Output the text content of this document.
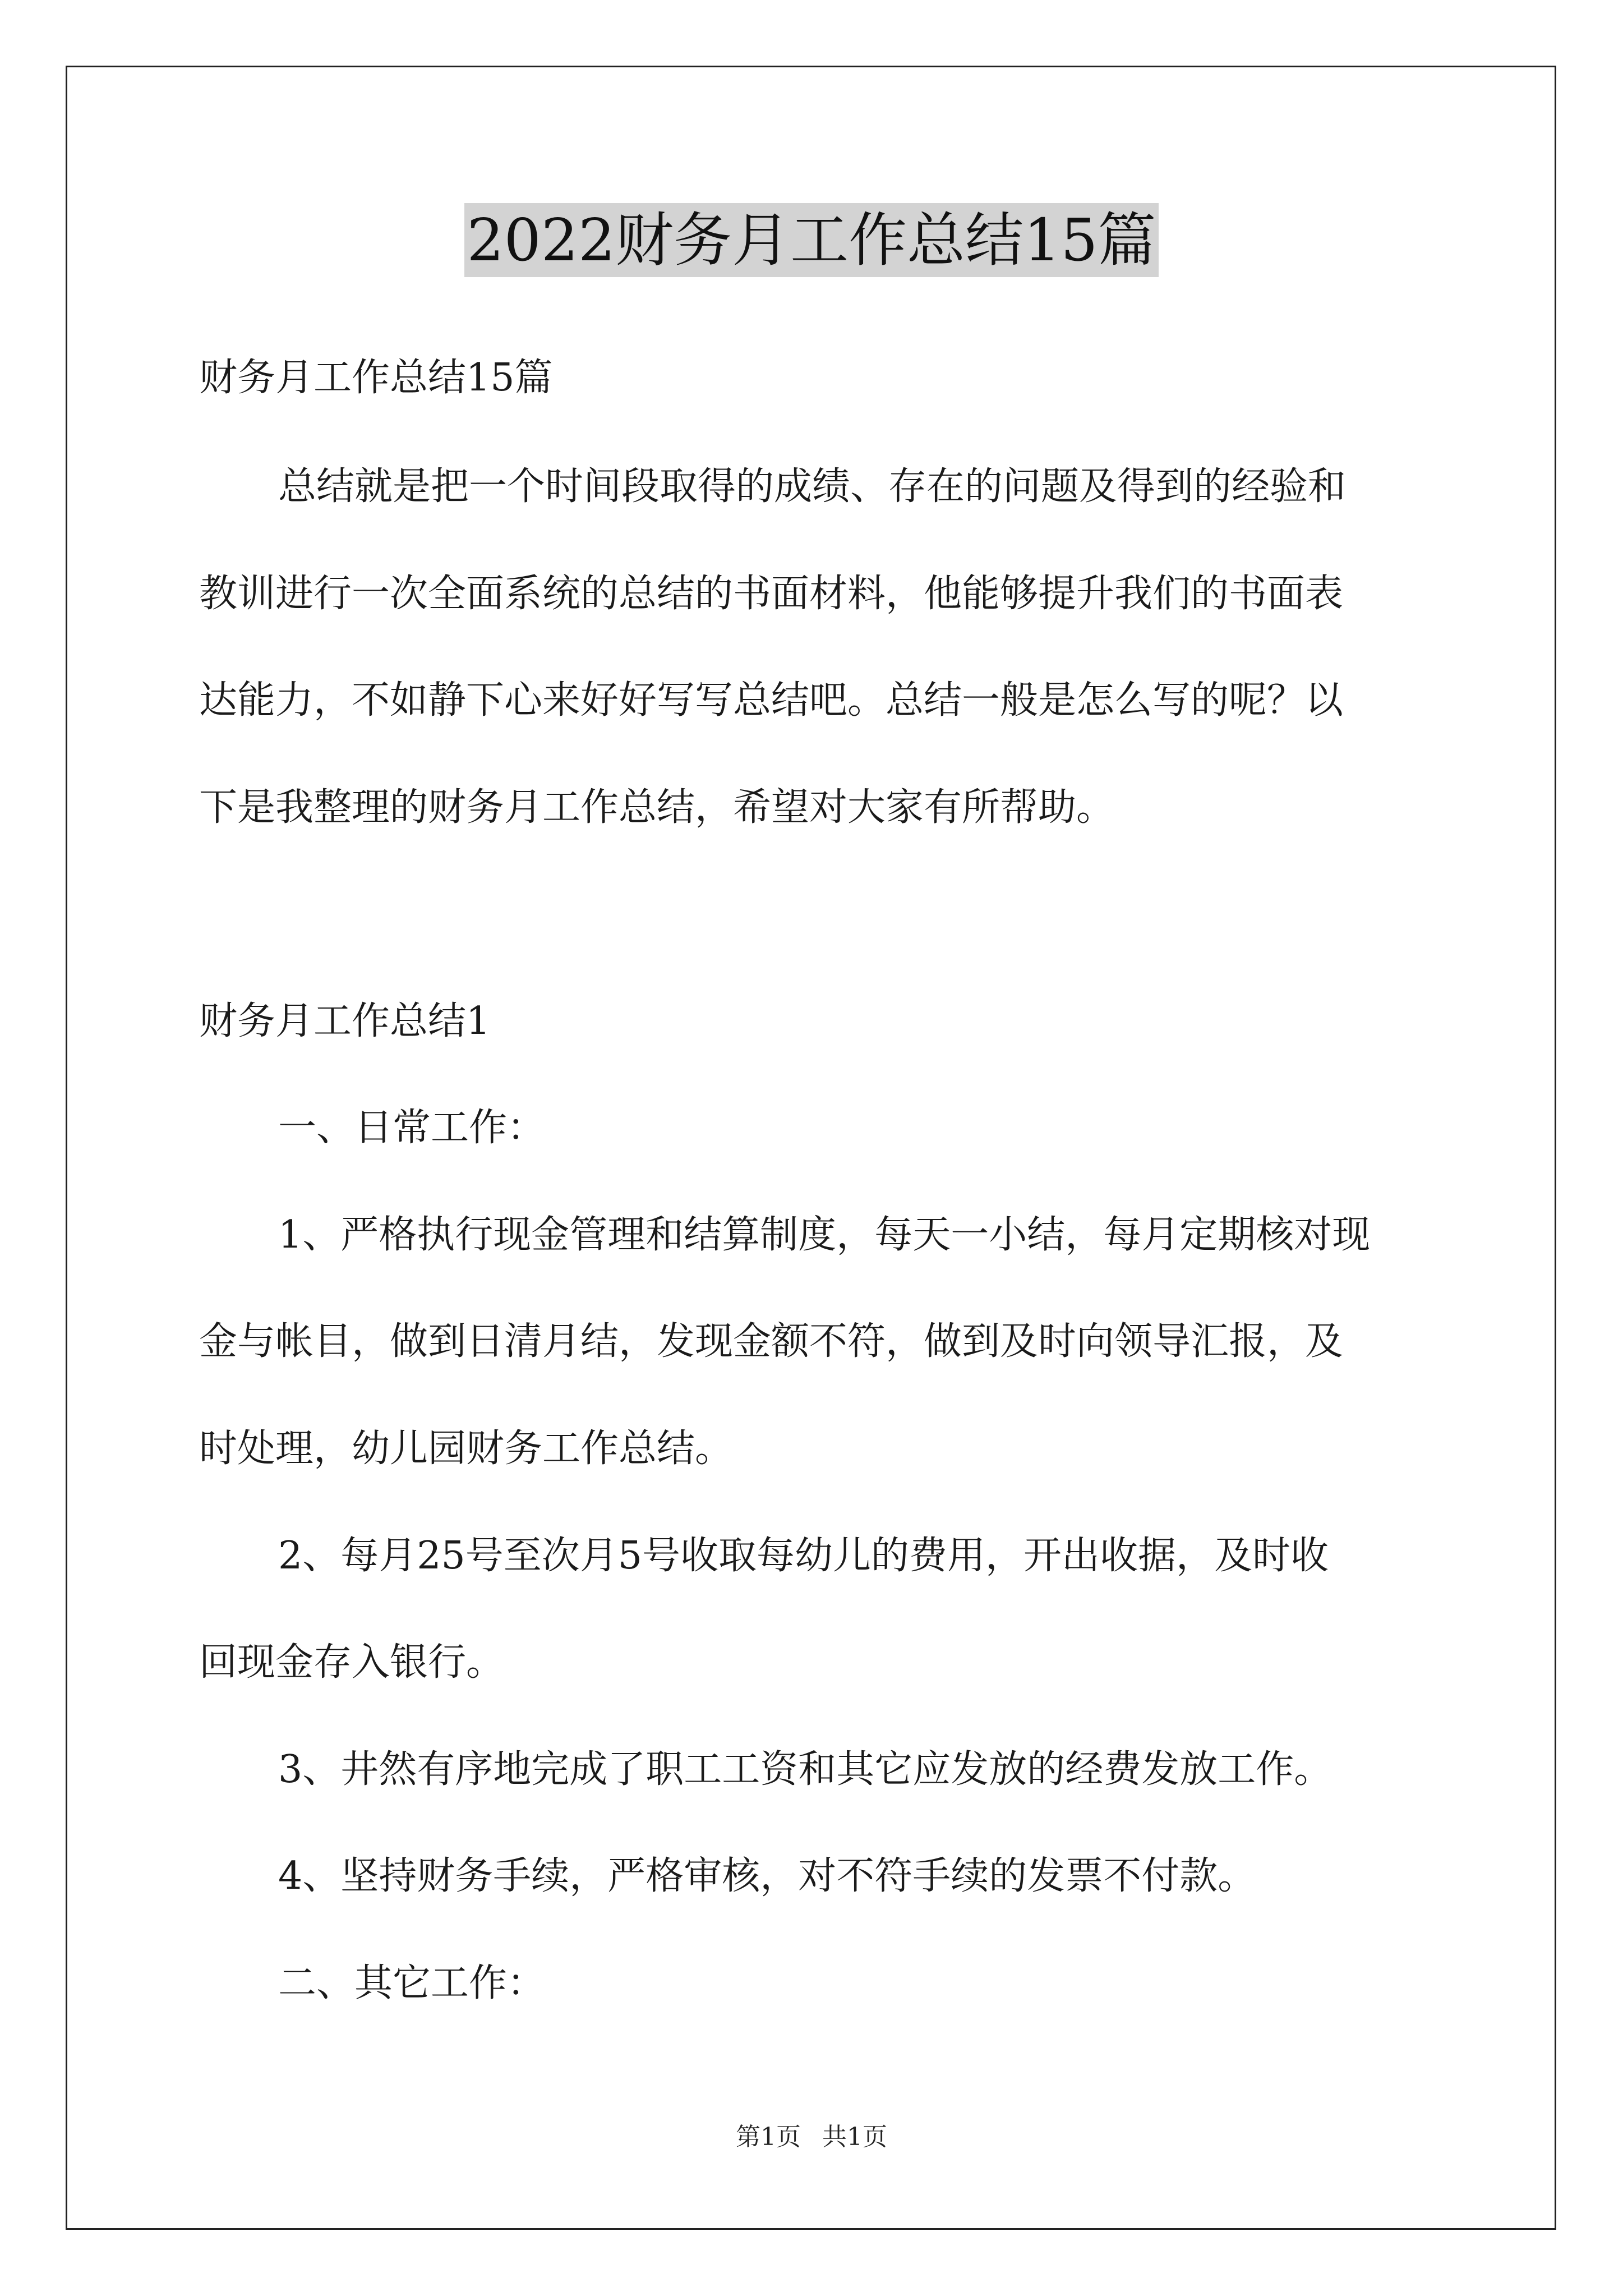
2022财务月工作总结15篇
财务月工作总结15篇
总结就是把一个时间段取得的成绩、存在的问题及得到的经验和
教训进行一次全面系统的总结的书面材料，他能够提升我们的书面表
达能力，不如静下心来好好写写总结吧。总结一般是怎么写的呢？以
下是我整理的财务月工作总结，希望对大家有所帮助。
财务月工作总结1
一、日常工作：
1、严格执行现金管理和结算制度，每天一小结，每月定期核对现
金与帐目，做到日清月结，发现金额不符，做到及时向领导汇报，及
时处理，幼儿园财务工作总结。
2、每月25号至次月5号收取每幼儿的费用，开出收据，及时收
回现金存入银行。
3、井然有序地完成了职工工资和其它应发放的经费发放工作。
4、坚持财务手续，严格审核，对不符手续的发票不付款。
二、其它工作：
第1页 共1页
